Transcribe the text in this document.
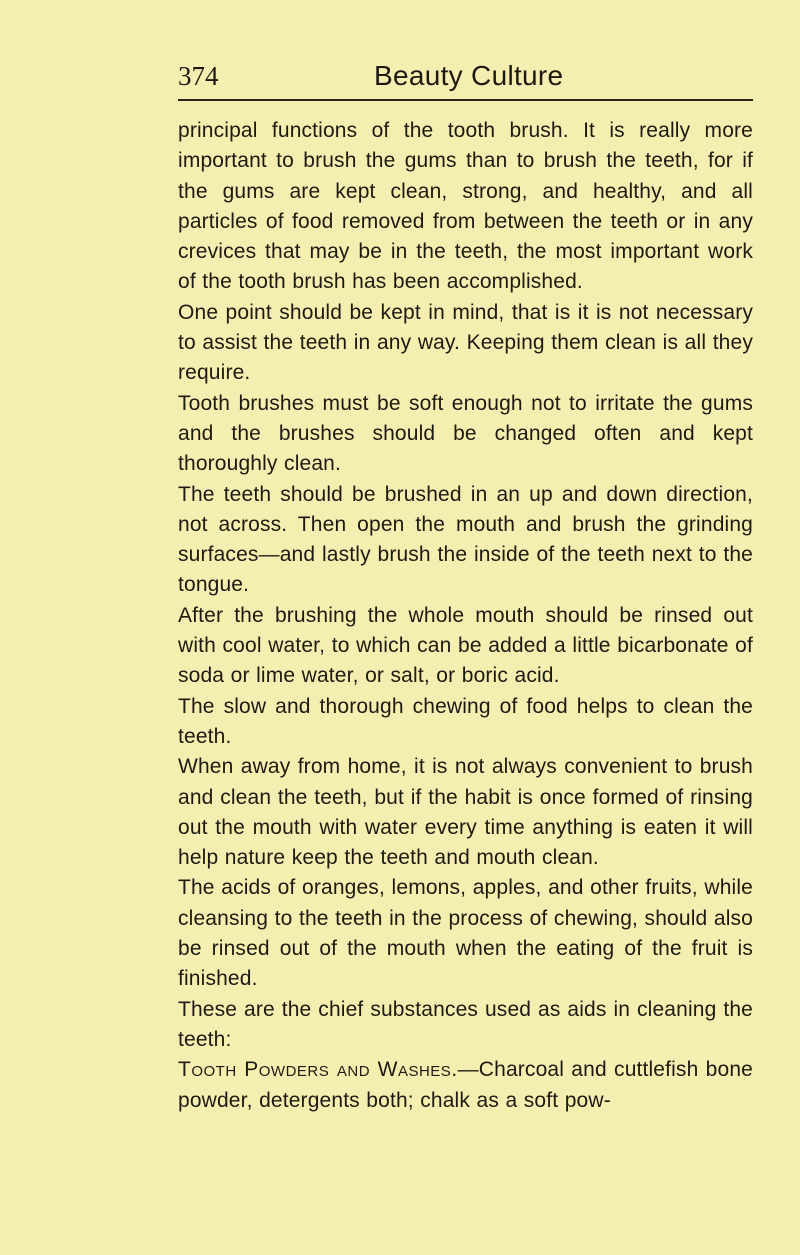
374	Beauty Culture

principal functions of the tooth brush. It is really more important to brush the gums than to brush the teeth, for if the gums are kept clean, strong, and healthy, and all particles of food removed from between the teeth or in any crevices that may be in the teeth, the most important work of the tooth brush has been accomplished.

One point should be kept in mind, that is it is not necessary to assist the teeth in any way. Keeping them clean is all they require.

Tooth brushes must be soft enough not to irritate the gums and the brushes should be changed often and kept thoroughly clean.

The teeth should be brushed in an up and down direction, not across. Then open the mouth and brush the grinding surfaces—and lastly brush the inside of the teeth next to the tongue.

After the brushing the whole mouth should be rinsed out with cool water, to which can be added a little bicarbonate of soda or lime water, or salt, or boric acid.

The slow and thorough chewing of food helps to clean the teeth.

When away from home, it is not always convenient to brush and clean the teeth, but if the habit is once formed of rinsing out the mouth with water every time anything is eaten it will help nature keep the teeth and mouth clean.

The acids of oranges, lemons, apples, and other fruits, while cleansing to the teeth in the process of chewing, should also be rinsed out of the mouth when the eating of the fruit is finished.

These are the chief substances used as aids in cleaning the teeth:

Tooth Powders and Washes.—Charcoal and cuttlefish bone powder, detergents both; chalk as a soft pow-
